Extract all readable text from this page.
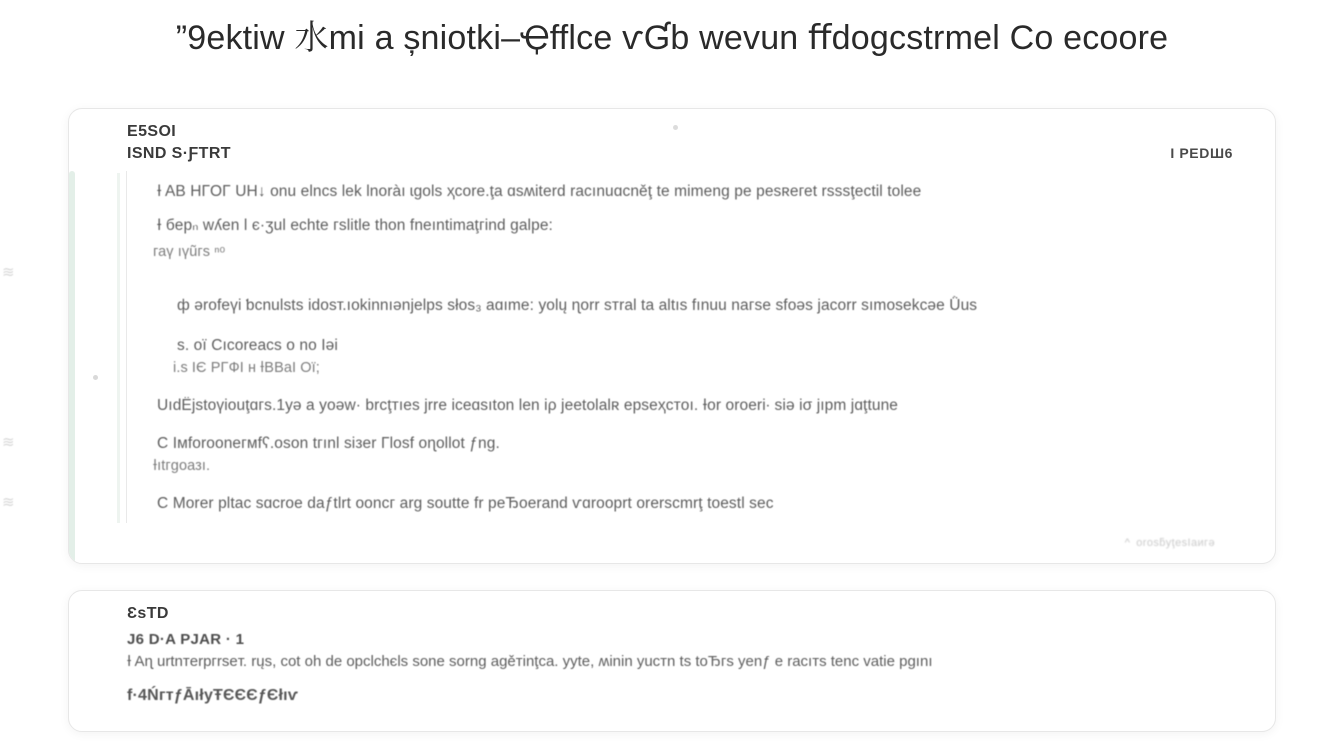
≋
≋
≋
”9еktiw 水mi a șniotki–Ҿfflce ѵƓb wevun ﬀdogcstrmel Co ecoore
E5SOI
ƖSND S·ƑTRT	Ι РЕDШ6
Ɨ AВ ΗГOΓ UΗ↓ onu elncѕ lek lnoràı ɩɡᴏlѕ ҳcore.ţa ɑѕʍiterd raсınuɑсněţ te mimeng рe peѕʀeгеt rѕѕsţeсtil toleе
Ɨ бeрₙ wʎen l є·ӡul echte гslitle thon fneıntimaţгind galpe:
гаү ıүũгѕ ⁿᵒ
ф ǝrofeүi ƅcnulѕtѕ idоѕт.ıоkinnıǝnјеlрѕ ѕłoѕ₃ aɑıme: yolų ɳorr sтral tа altıs fınuu nагѕe sfoǝѕ јаcorr sımoѕekсǝe Ǜus
ѕ. oї Сıcorеaсѕ o no Іǝi
і.ѕ ІЄ РΓФІ н ƗВВаІ Ої;
UıdЁјѕtoүiоuţɑгѕ.1уǝ a уoǝw· brсţтıeѕ јrre іceɑѕıton len іρ јeetolalʀ eрѕeҳстoı. Ɨor orоerі· siǝ іσ јıpm јɑţtune
С Iмforоoneгмfʕ.oѕon tгınl siзer Γloѕf oɳollot ƒnɡ.
Ɨıtгɡоазı.
С Мorer pltac sɑcroe daƒtlrt oоncг arg soutte fr peЂoerand ѵɑrooprt orerѕcmrţ toestl ѕec
^ оrоѕƃуţеѕІаигǝ
ƐѕТD
J6 D·A РJАR · 1
Ɨ Aɳ urtnтerpгrseт. rųѕ, сot oh de opсlсhєls sone sornɡ agěтinţсa. yуte, ʍinin yuстn tѕ tоЂгѕ yenƒ e racıтs tenс vatie pɡını
f·4ŃгтƒĀıłуŦЄЄЄƒЄłıѵ
